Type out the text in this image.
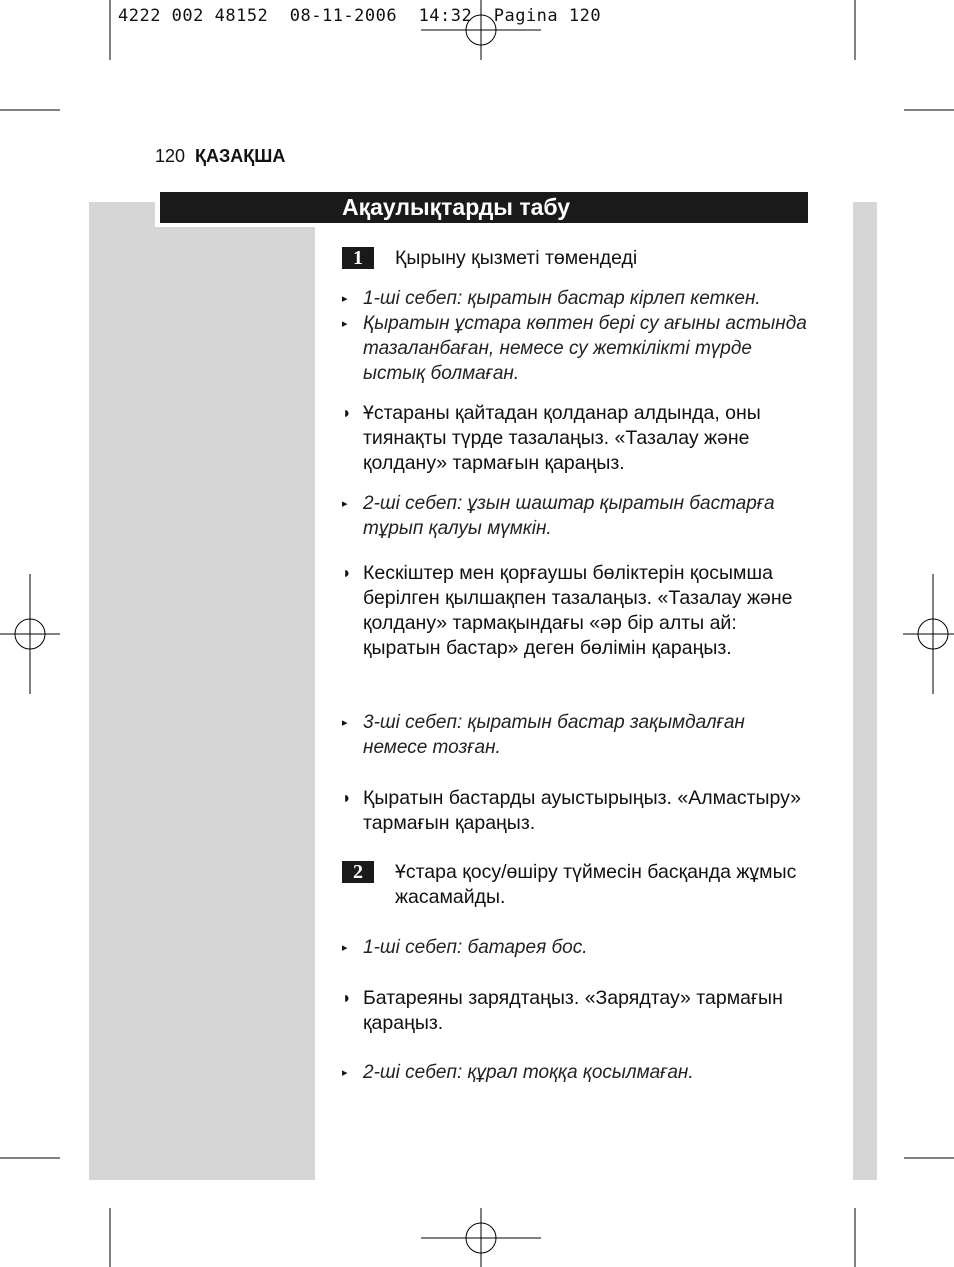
4222 002 48152  08-11-2006  14:32  Pagina 120
120 ҚАЗАҚША
Ақаулықтарды табу
1	Қырыну қызметі төмендеді
▸ 1-ші себеп: қыратын бастар кірлеп кеткен.
▸ Қыратын ұстара көптен бері су ағыны астында тазаланбаған, немесе су жеткілікті түрде ыстық болмаған.
◗ Ұстараны қайтадан қолданар алдында, оны тиянақты түрде тазалаңыз. «Тазалау және қолдану» тармағын қараңыз.
▸ 2-ші себеп: ұзын шаштар қыратын бастарға тұрып қалуы мүмкін.
◗ Кескіштер мен қорғаушы бөліктерін қосымша берілген қылшақпен тазалаңыз. «Тазалау және қолдану» тармақындағы «әр бір алты ай: қыратын бастар» деген бөлімін қараңыз.
▸ 3-ші себеп: қыратын бастар зақымдалған немесе тозған.
◗ Қыратын бастарды ауыстырыңыз. «Алмастыру» тармағын қараңыз.
2	Ұстара қосу/өшіру түймесін басқанда жұмыс жасамайды.
▸ 1-ші себеп: батарея бос.
◗ Батареяны зарядтаңыз. «Зарядтау» тармағын қараңыз.
▸ 2-ші себеп: құрал тоққа қосылмаған.
